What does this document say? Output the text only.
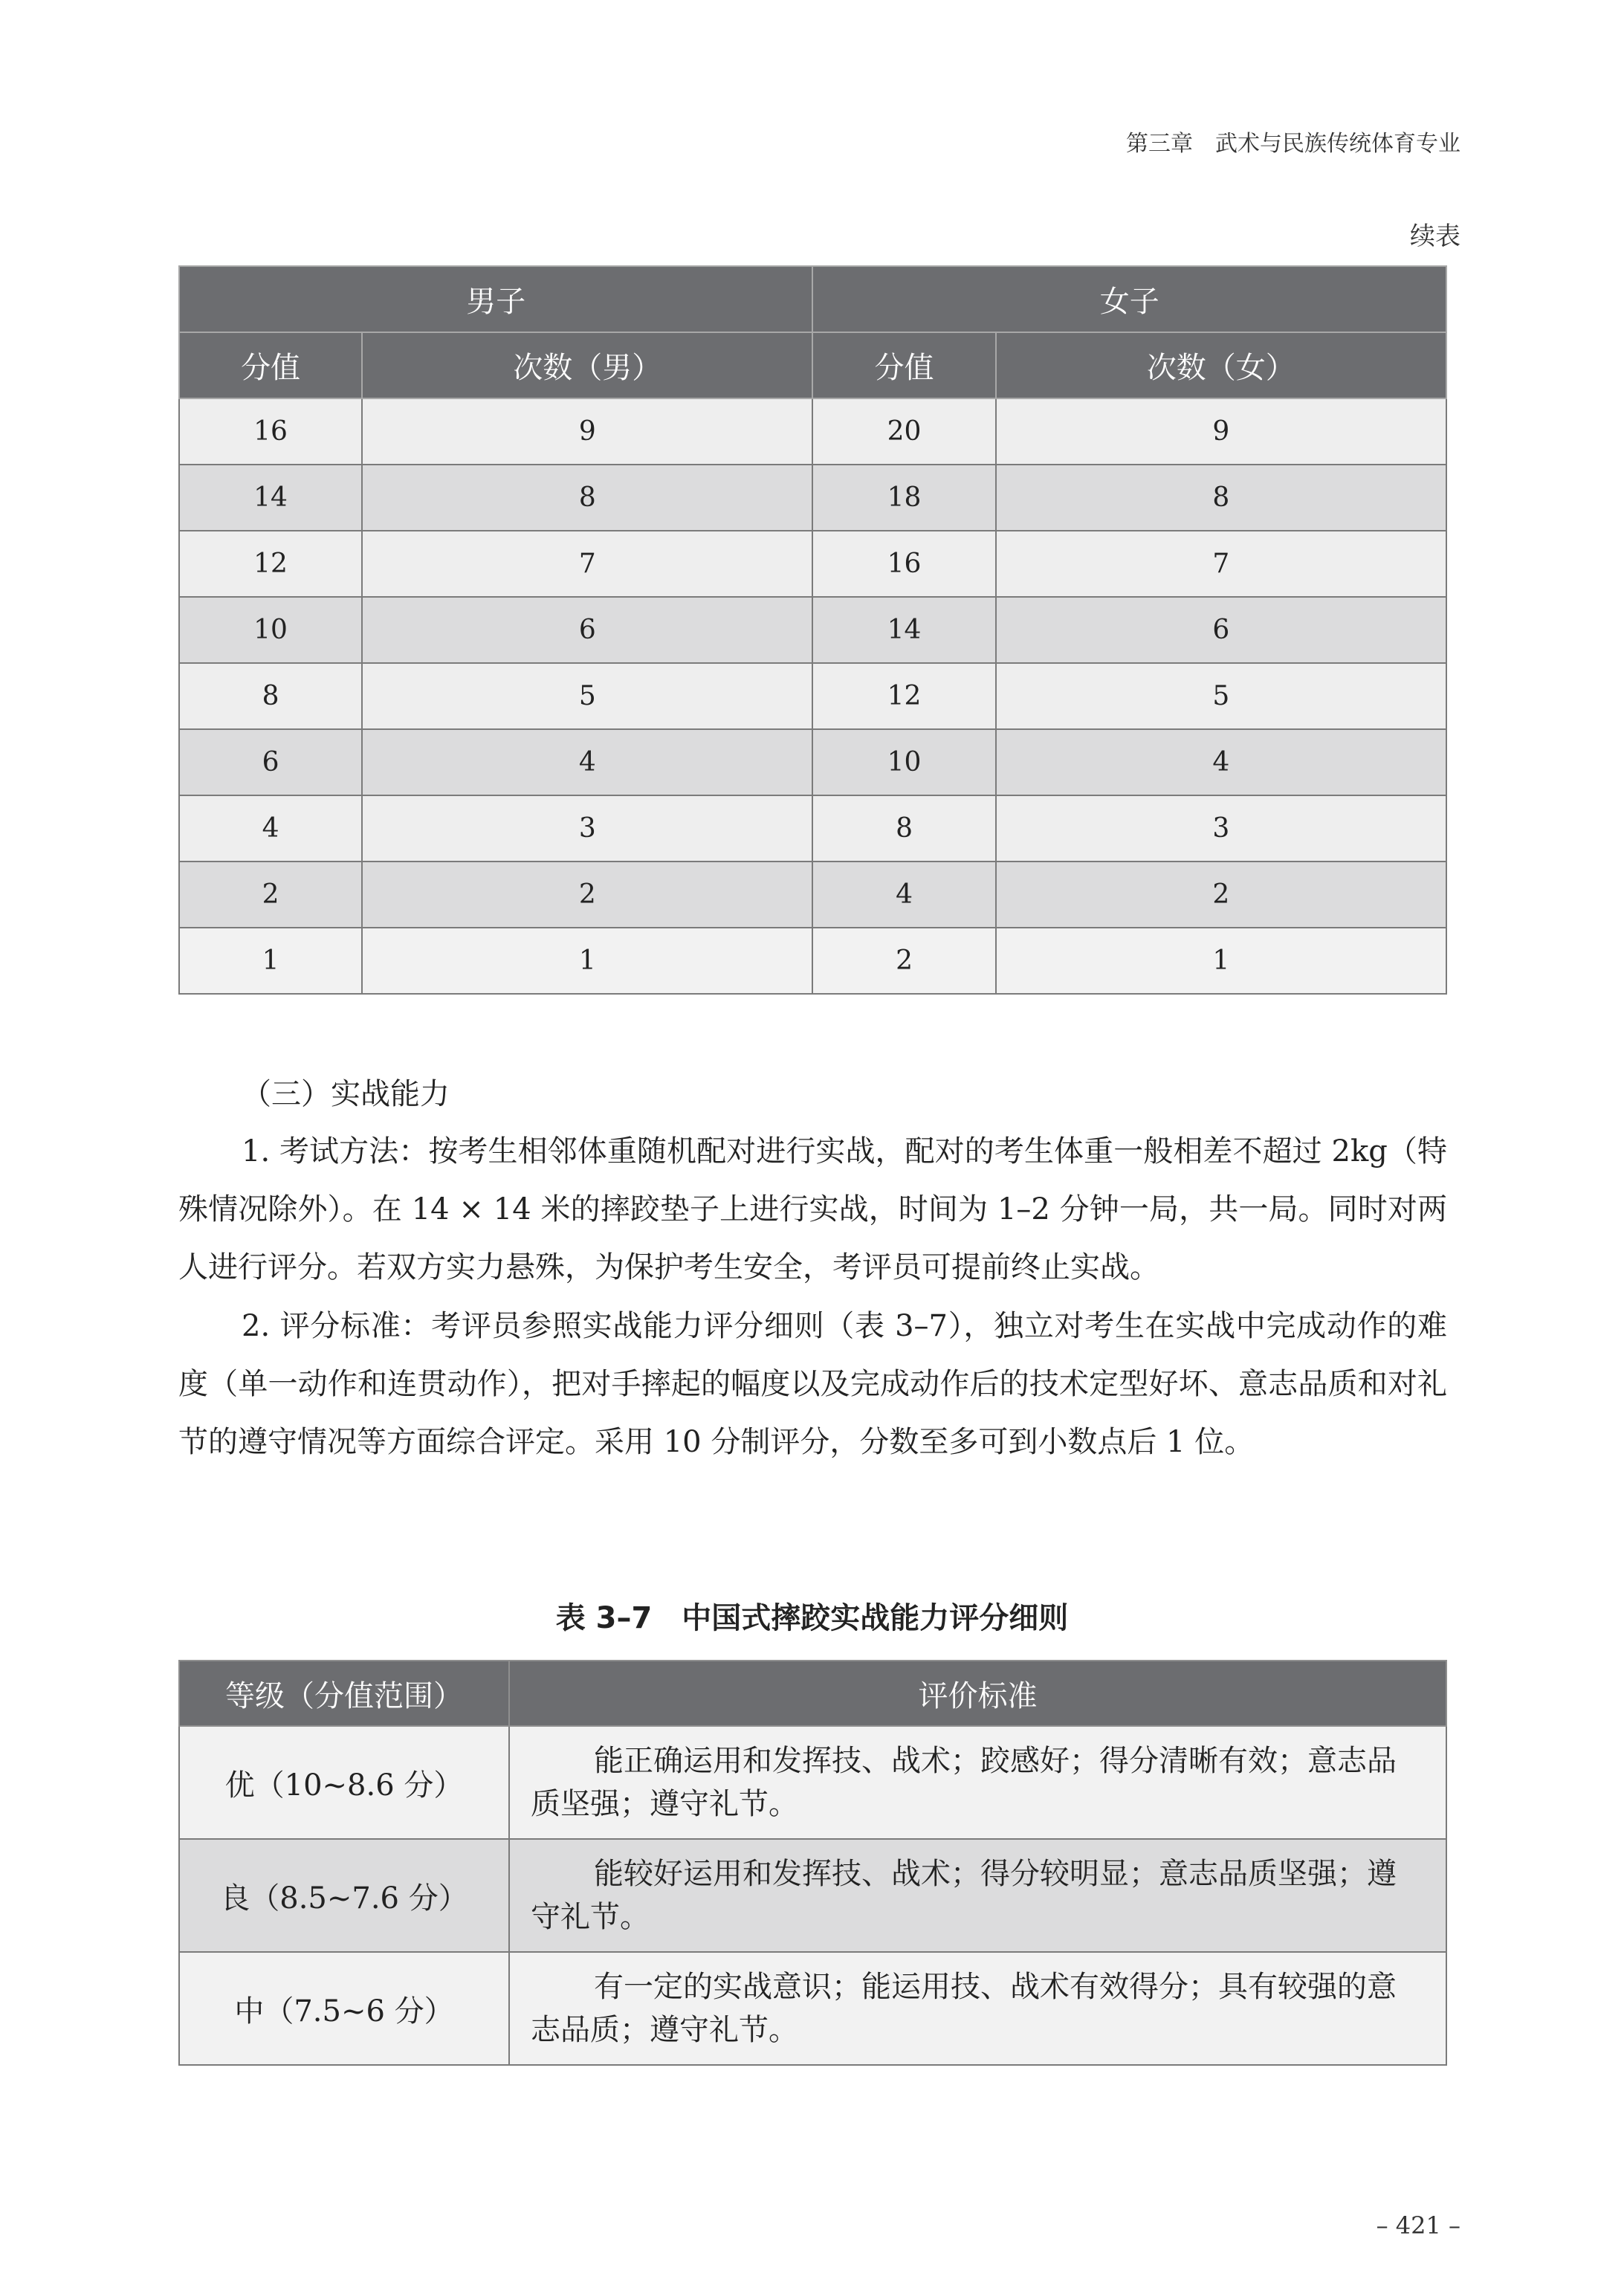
第三章　武术与民族传统体育专业
续表
男子		女子	
分值	次数（男）	分值	次数（女）
16	9	20	9
14	8	18	8
12	7	16	7
10	6	14	6
8	5	12	5
6	4	10	4
4	3	8	3
2	2	4	2
1	1	2	1
（三）实战能力

1. 考试方法：按考生相邻体重随机配对进行实战，配对的考生体重一般相差不超过 2kg（特殊情况除外）。在 14 × 14 米的摔跤垫子上进行实战，时间为 1–2 分钟一局，共一局。同时对两人进行评分。若双方实力悬殊，为保护考生安全，考评员可提前终止实战。

2. 评分标准：考评员参照实战能力评分细则（表 3–7），独立对考生在实战中完成动作的难度（单一动作和连贯动作），把对手摔起的幅度以及完成动作后的技术定型好坏、意志品质和对礼节的遵守情况等方面综合评定。采用 10 分制评分，分数至多可到小数点后 1 位。

表 3–7　中国式摔跤实战能力评分细则
等级（分值范围）	评价标准
优（10~8.6 分）	能正确运用和发挥技、战术；跤感好；得分清晰有效；意志品质坚强；遵守礼节。
良（8.5~7.6 分）	能较好运用和发挥技、战术；得分较明显；意志品质坚强；遵守礼节。
中（7.5~6 分）	有一定的实战意识；能运用技、战术有效得分；具有较强的意志品质；遵守礼节。
– 421 –
